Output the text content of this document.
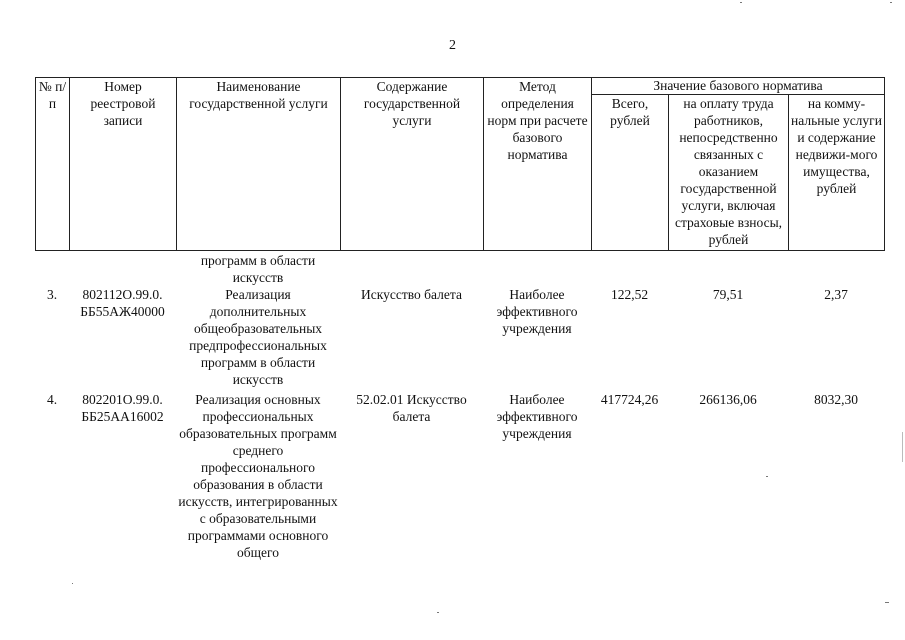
2
№ п/п	Номер реестровой записи	Наименование государственной услуги	Содержание государственной услуги	Метод определения норм при расчете базового норматива	Значение базового норматива		
					Всего, рублей	на оплату труда работников, непосредственно связанных с оказанием государственной услуги, включая страховые взносы, рублей	на комму-нальные услуги и содержание недвижи-мого имущества, рублей
		программ в области искусств					
3.	802112О.99.0. ББ55АЖ40000	Реализация дополнительных общеобразовательных предпрофессиональных программ в области искусств	Искусство балета	Наиболее эффективного учреждения	122,52	79,51	2,37
4.	802201О.99.0. ББ25АА16002	Реализация основных профессиональных образовательных программ среднего профессионального образования в области искусств, интегрированных с образовательными программами основного общего	52.02.01 Искусство балета	Наиболее эффективного учреждения	417724,26	266136,06	8032,30
